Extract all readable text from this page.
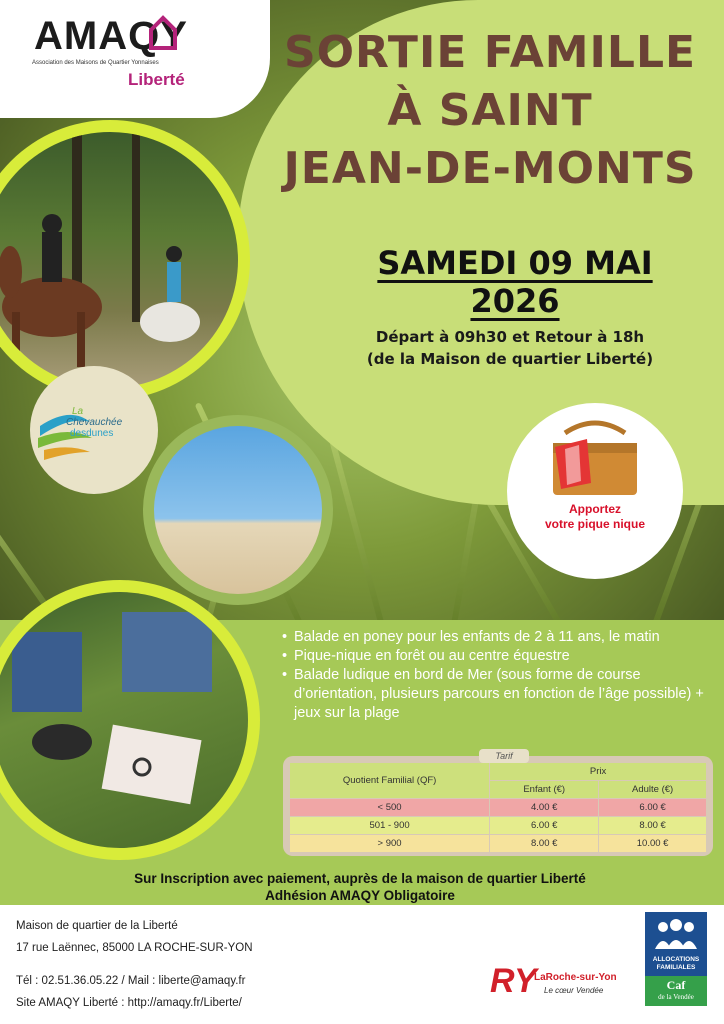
AMAQY
Association des Maisons de Quartier Yonnaises
Liberté
SORTIE FAMILLE
À SAINT
JEAN-DE-MONTS
SAMEDI 09 MAI 2026
Départ à 09h30 et Retour à 18h
(de la Maison de quartier Liberté)
La
Chevauchée
desdunes
Apportez
votre pique nique
• Balade en poney pour les enfants de 2 à 11 ans, le matin
• Pique-nique en forêt ou au centre équestre
• Balade ludique en bord de Mer (sous forme de course d’orientation, plusieurs parcours en fonction de l’âge possible) + jeux sur la plage
Tarif
Quotient Familial (QF)	Prix	
	Enfant (€)	Adulte (€)
< 500	4.00 €	6.00 €
501 - 900	6.00 €	8.00 €
> 900	8.00 €	10.00 €
Sur Inscription avec paiement, auprès de la maison de quartier Liberté
Adhésion AMAQY Obligatoire
Maison de quartier de la Liberté
17 rue Laënnec, 85000 LA ROCHE-SUR-YON
Tél : 02.51.36.05.22 / Mail : liberte@amaqy.fr
Site AMAQY Liberté : http://amaqy.fr/Liberte/
RY
LaRoche-sur-Yon
Le cœur Vendée
ALLOCATIONS
FAMILIALES
Caf
de la Vendée
